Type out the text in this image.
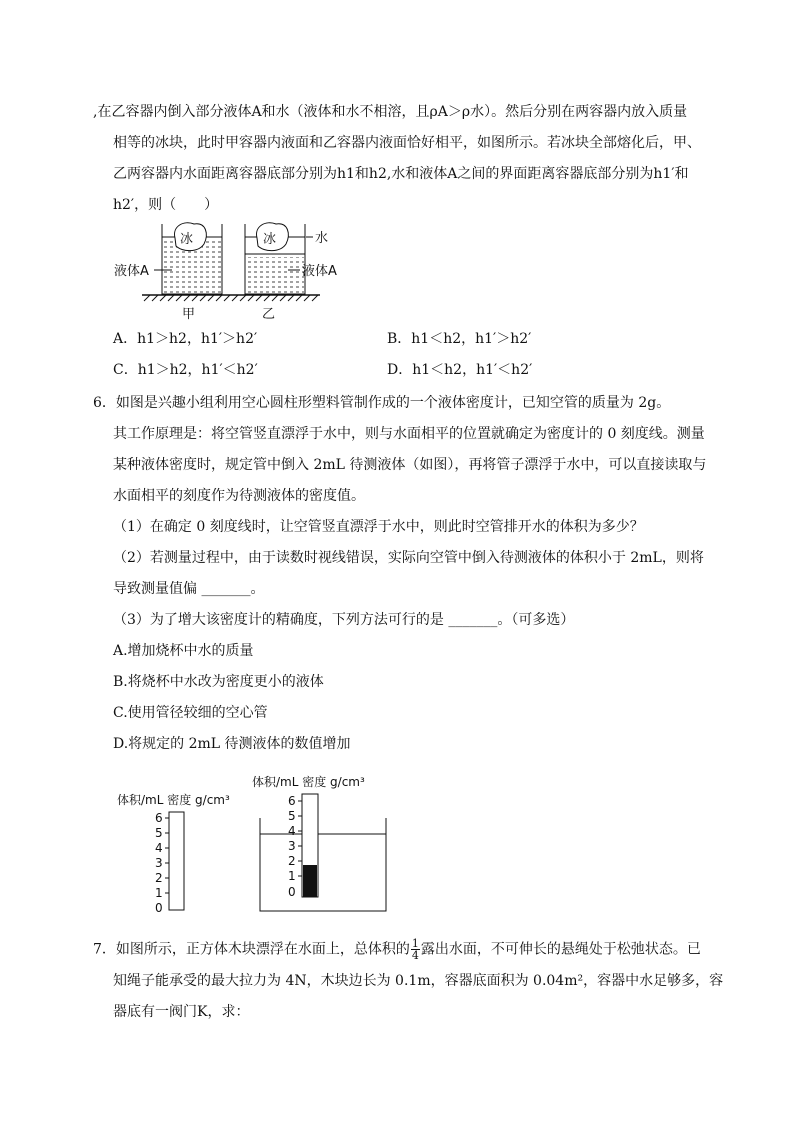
,在乙容器内倒入部分液体A和水（液体和水不相溶，且ρA＞ρ水）。然后分别在两容器内放入质量
相等的冰块，此时甲容器内液面和乙容器内液面恰好相平，如图所示。若冰块全部熔化后，甲、
乙两容器内水面距离容器底部分别为h1和h2,水和液体A之间的界面距离容器底部分别为h1′和
h2′，则（　　）
冰	冰	水
液体A	液体A
甲	乙
A．h1＞h2，h1′＞h2′	B．h1＜h2，h1′＞h2′
C．h1＞h2，h1′＜h2′	D．h1＜h2，h1′＜h2′
6．如图是兴趣小组利用空心圆柱形塑料管制作成的一个液体密度计，已知空管的质量为 2g。
其工作原理是：将空管竖直漂浮于水中，则与水面相平的位置就确定为密度计的 0 刻度线。测量
某种液体密度时，规定管中倒入 2mL 待测液体（如图），再将管子漂浮于水中，可以直接读取与
水面相平的刻度作为待测液体的密度值。
（1）在确定 0 刻度线时，让空管竖直漂浮于水中，则此时空管排开水的体积为多少？
（2）若测量过程中，由于读数时视线错误，实际向空管中倒入待测液体的体积小于 2mL，则将
导致测量值偏 _______。
（3）为了增大该密度计的精确度，下列方法可行的是 _______。（可多选）
A.增加烧杯中水的质量
B.将烧杯中水改为密度更小的液体
C.使用管径较细的空心管
D.将规定的 2mL 待测液体的数值增加
体积/mL 密度 g/cm³
6
5
4
3
2
1
0
体积/mL 密度 g/cm³
6
5
4
3
2
1
0
7．如图所示，正方体木块漂浮在水面上，总体积的 $\frac{1}{4}$ 露出水面，不可伸长的悬绳处于松弛状态。已
知绳子能承受的最大拉力为 4N，木块边长为 0.1m，容器底面积为 0.04m²，容器中水足够多，容
器底有一阀门K，求：
